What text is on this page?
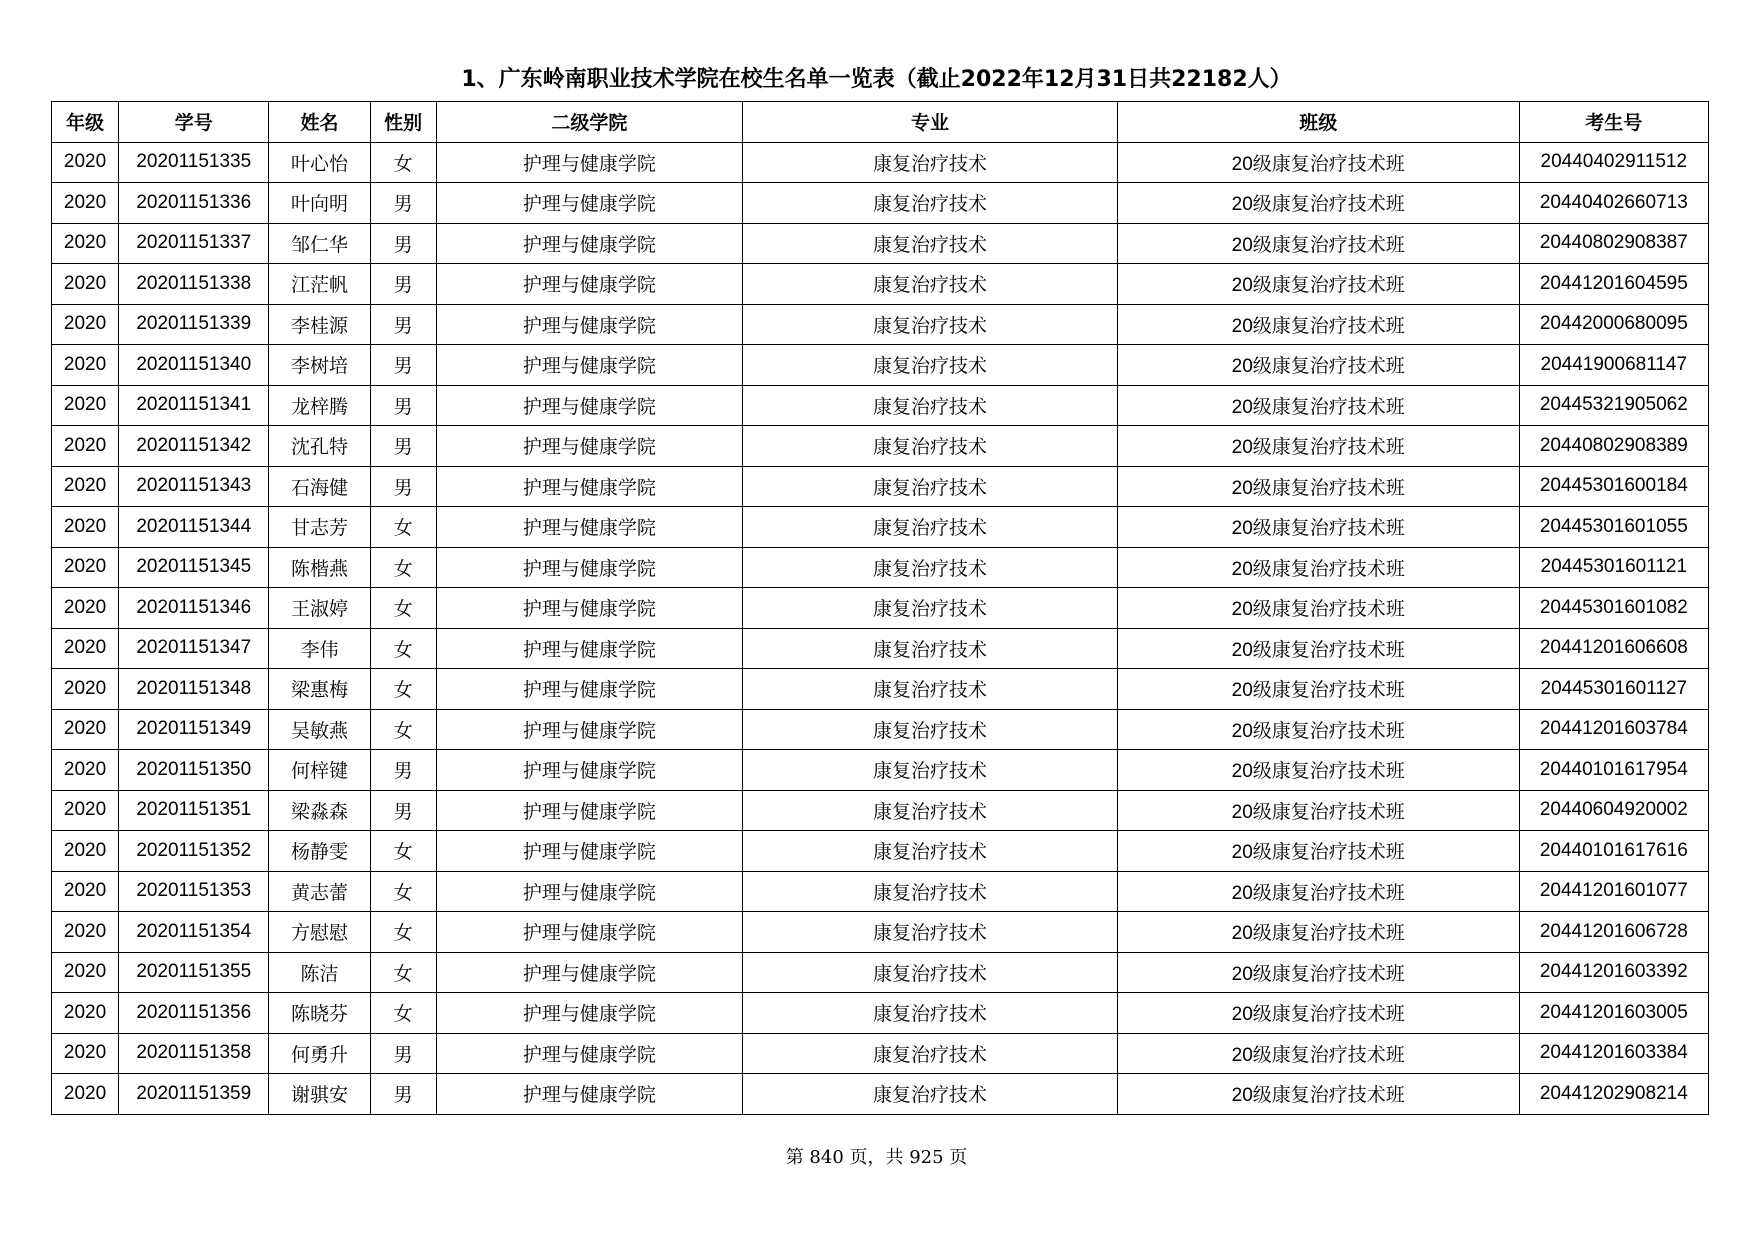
1、广东岭南职业技术学院在校生名单一览表（截止2022年12月31日共22182人）
年级	学号	姓名	性别	二级学院	专业	班级	考生号
2020	20201151335	叶心怡	女	护理与健康学院	康复治疗技术	20级康复治疗技术班	20440402911512
2020	20201151336	叶向明	男	护理与健康学院	康复治疗技术	20级康复治疗技术班	20440402660713
2020	20201151337	邹仁华	男	护理与健康学院	康复治疗技术	20级康复治疗技术班	20440802908387
2020	20201151338	江茫帆	男	护理与健康学院	康复治疗技术	20级康复治疗技术班	20441201604595
2020	20201151339	李桂源	男	护理与健康学院	康复治疗技术	20级康复治疗技术班	20442000680095
2020	20201151340	李树培	男	护理与健康学院	康复治疗技术	20级康复治疗技术班	20441900681147
2020	20201151341	龙梓腾	男	护理与健康学院	康复治疗技术	20级康复治疗技术班	20445321905062
2020	20201151342	沈孔特	男	护理与健康学院	康复治疗技术	20级康复治疗技术班	20440802908389
2020	20201151343	石海健	男	护理与健康学院	康复治疗技术	20级康复治疗技术班	20445301600184
2020	20201151344	甘志芳	女	护理与健康学院	康复治疗技术	20级康复治疗技术班	20445301601055
2020	20201151345	陈楷燕	女	护理与健康学院	康复治疗技术	20级康复治疗技术班	20445301601121
2020	20201151346	王淑婷	女	护理与健康学院	康复治疗技术	20级康复治疗技术班	20445301601082
2020	20201151347	李伟	女	护理与健康学院	康复治疗技术	20级康复治疗技术班	20441201606608
2020	20201151348	梁惠梅	女	护理与健康学院	康复治疗技术	20级康复治疗技术班	20445301601127
2020	20201151349	吴敏燕	女	护理与健康学院	康复治疗技术	20级康复治疗技术班	20441201603784
2020	20201151350	何梓键	男	护理与健康学院	康复治疗技术	20级康复治疗技术班	20440101617954
2020	20201151351	梁淼森	男	护理与健康学院	康复治疗技术	20级康复治疗技术班	20440604920002
2020	20201151352	杨静雯	女	护理与健康学院	康复治疗技术	20级康复治疗技术班	20440101617616
2020	20201151353	黄志蕾	女	护理与健康学院	康复治疗技术	20级康复治疗技术班	20441201601077
2020	20201151354	方慰慰	女	护理与健康学院	康复治疗技术	20级康复治疗技术班	20441201606728
2020	20201151355	陈洁	女	护理与健康学院	康复治疗技术	20级康复治疗技术班	20441201603392
2020	20201151356	陈晓芬	女	护理与健康学院	康复治疗技术	20级康复治疗技术班	20441201603005
2020	20201151358	何勇升	男	护理与健康学院	康复治疗技术	20级康复治疗技术班	20441201603384
2020	20201151359	谢骐安	男	护理与健康学院	康复治疗技术	20级康复治疗技术班	20441202908214
第 840 页，共 925 页
